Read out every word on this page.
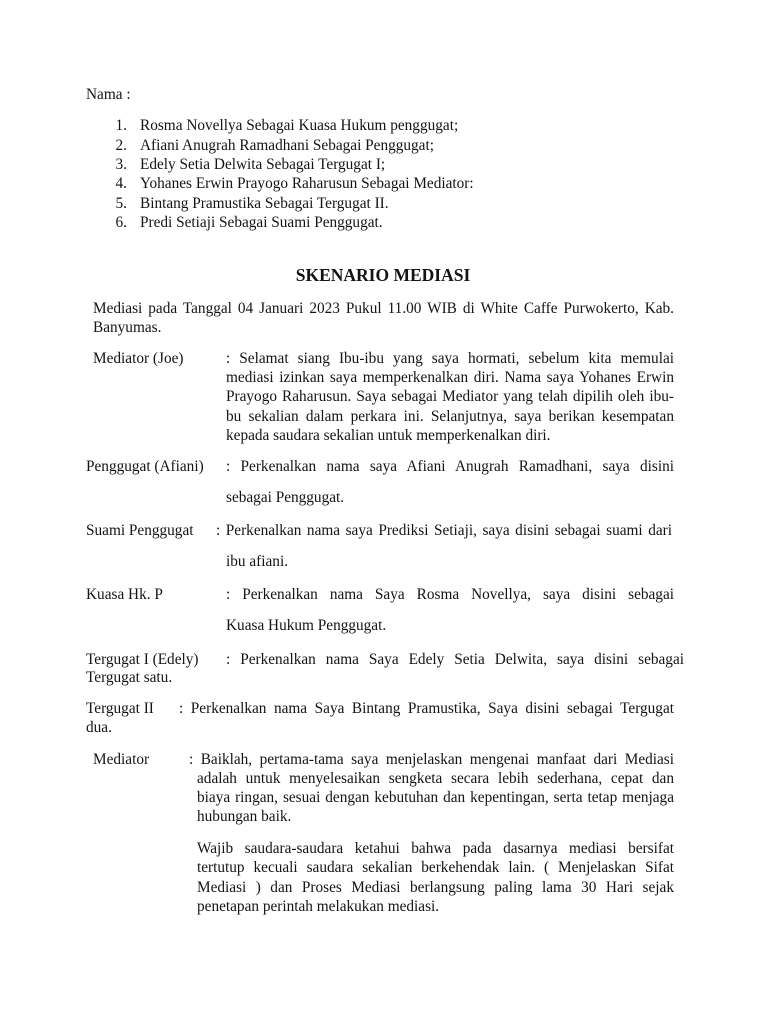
Nama :
1. Rosma Novellya Sebagai Kuasa Hukum penggugat;
2. Afiani Anugrah Ramadhani Sebagai Penggugat;
3. Edely Setia Delwita Sebagai Tergugat I;
4. Yohanes Erwin Prayogo Raharusun Sebagai Mediator:
5. Bintang Pramustika Sebagai Tergugat II.
6. Predi Setiaji Sebagai Suami Penggugat.
SKENARIO MEDIASI
Mediasi pada Tanggal 04 Januari 2023 Pukul 11.00 WIB di White Caffe Purwokerto, Kab.
Banyumas.
Mediator (Joe)	: Selamat siang Ibu-ibu yang saya hormati, sebelum kita memulai
mediasi izinkan saya memperkenalkan diri. Nama saya Yohanes Erwin
Prayogo Raharusun. Saya sebagai Mediator yang telah dipilih oleh ibu-
bu sekalian dalam perkara ini. Selanjutnya, saya berikan kesempatan
kepada saudara sekalian untuk memperkenalkan diri.
Penggugat (Afiani) : Perkenalkan nama saya Afiani Anugrah Ramadhani, saya disini
sebagai Penggugat.
Suami Penggugat : Perkenalkan nama saya Prediksi Setiaji, saya disini sebagai suami dari
ibu afiani.
Kuasa Hk. P	: Perkenalkan nama Saya Rosma Novellya, saya disini sebagai
Kuasa Hukum Penggugat.
Tergugat I (Edely) : Perkenalkan nama Saya Edely Setia Delwita, saya disini sebagai
Tergugat satu.
Tergugat II : Perkenalkan nama Saya Bintang Pramustika, Saya disini sebagai Tergugat
dua.
Mediator	: Baiklah, pertama-tama saya menjelaskan mengenai manfaat dari Mediasi
adalah untuk menyelesaikan sengketa secara lebih sederhana, cepat dan
biaya ringan, sesuai dengan kebutuhan dan kepentingan, serta tetap menjaga
hubungan baik.
Wajib saudara-saudara ketahui bahwa pada dasarnya mediasi bersifat
tertutup kecuali saudara sekalian berkehendak lain. ( Menjelaskan Sifat
Mediasi ) dan Proses Mediasi berlangsung paling lama 30 Hari sejak
penetapan perintah melakukan mediasi.
